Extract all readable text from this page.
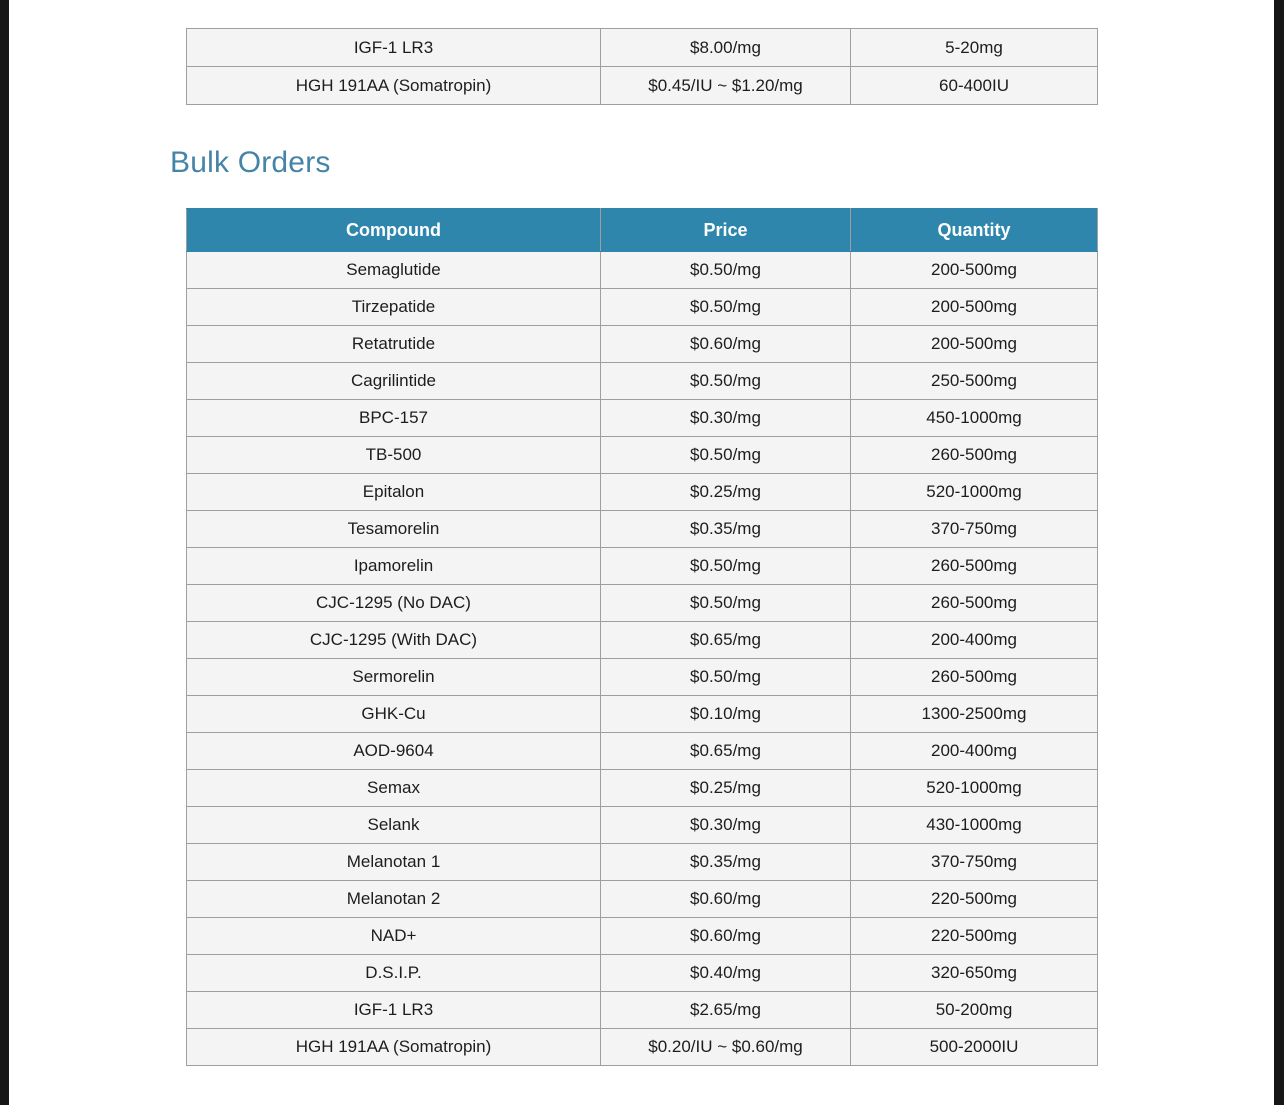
IGF-1 LR3	$8.00/mg	5-20mg
HGH 191AA (Somatropin)	$0.45/IU ~ $1.20/mg	60-400IU
Bulk Orders
Compound	Price	Quantity
Semaglutide	$0.50/mg	200-500mg
Tirzepatide	$0.50/mg	200-500mg
Retatrutide	$0.60/mg	200-500mg
Cagrilintide	$0.50/mg	250-500mg
BPC-157	$0.30/mg	450-1000mg
TB-500	$0.50/mg	260-500mg
Epitalon	$0.25/mg	520-1000mg
Tesamorelin	$0.35/mg	370-750mg
Ipamorelin	$0.50/mg	260-500mg
CJC-1295 (No DAC)	$0.50/mg	260-500mg
CJC-1295 (With DAC)	$0.65/mg	200-400mg
Sermorelin	$0.50/mg	260-500mg
GHK-Cu	$0.10/mg	1300-2500mg
AOD-9604	$0.65/mg	200-400mg
Semax	$0.25/mg	520-1000mg
Selank	$0.30/mg	430-1000mg
Melanotan 1	$0.35/mg	370-750mg
Melanotan 2	$0.60/mg	220-500mg
NAD+	$0.60/mg	220-500mg
D.S.I.P.	$0.40/mg	320-650mg
IGF-1 LR3	$2.65/mg	50-200mg
HGH 191AA (Somatropin)	$0.20/IU ~ $0.60/mg	500-2000IU
